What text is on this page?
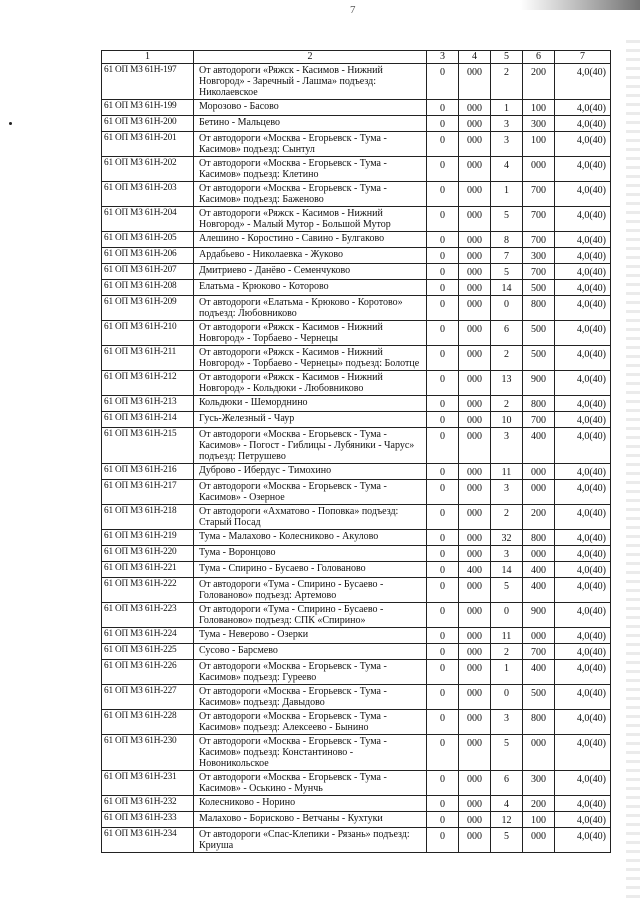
7
1	2	3	4	5	6	7
61 ОП МЗ 61Н-197	От автодороги «Ряжск - Касимов - Нижний Новгород» - Заречный - Лашма» подъезд: Николаевское	0	000	2	200	4,0(40)
61 ОП МЗ 61Н-199	Морозово - Басово	0	000	1	100	4,0(40)
61 ОП МЗ 61Н-200	Бетино - Мальцево	0	000	3	300	4,0(40)
61 ОП МЗ 61Н-201	От автодороги «Москва - Егорьевск - Тума - Касимов» подъезд: Сынтул	0	000	3	100	4,0(40)
61 ОП МЗ 61Н-202	От автодороги «Москва - Егорьевск - Тума - Касимов» подъезд: Клетино	0	000	4	000	4,0(40)
61 ОП МЗ 61Н-203	От автодороги «Москва - Егорьевск - Тума - Касимов» подъезд: Баженово	0	000	1	700	4,0(40)
61 ОП МЗ 61Н-204	От автодороги «Ряжск - Касимов - Нижний Новгород» - Малый Мутор - Большой Мутор	0	000	5	700	4,0(40)
61 ОП МЗ 61Н-205	Алешино - Коростино - Савино - Булгаково	0	000	8	700	4,0(40)
61 ОП МЗ 61Н-206	Ардабьево - Николаевка - Жуково	0	000	7	300	4,0(40)
61 ОП МЗ 61Н-207	Дмитриево - Данёво - Семенчуково	0	000	5	700	4,0(40)
61 ОП МЗ 61Н-208	Елатьма - Крюково - Которово	0	000	14	500	4,0(40)
61 ОП МЗ 61Н-209	От автодороги «Елатьма - Крюково - Коротово» подъезд: Любовниково	0	000	0	800	4,0(40)
61 ОП МЗ 61Н-210	От автодороги «Ряжск - Касимов - Нижний Новгород» - Торбаево - Чернецы	0	000	6	500	4,0(40)
61 ОП МЗ 61Н-211	От автодороги «Ряжск - Касимов - Нижний Новгород» - Торбаево - Чернецы» подъезд: Болотце	0	000	2	500	4,0(40)
61 ОП МЗ 61Н-212	От автодороги «Ряжск - Касимов - Нижний Новгород» - Кольдюки - Любовниково	0	000	13	900	4,0(40)
61 ОП МЗ 61Н-213	Кольдюки - Шеморднино	0	000	2	800	4,0(40)
61 ОП МЗ 61Н-214	Гусь-Железный - Чаур	0	000	10	700	4,0(40)
61 ОП МЗ 61Н-215	От автодороги «Москва - Егорьевск - Тума - Касимов» - Погост - Гиблицы - Лубяники - Чарус» подъезд: Петрушево	0	000	3	400	4,0(40)
61 ОП МЗ 61Н-216	Дуброво - Ибердус - Тимохино	0	000	11	000	4,0(40)
61 ОП МЗ 61Н-217	От автодороги «Москва - Егорьевск - Тума - Касимов» - Озерное	0	000	3	000	4,0(40)
61 ОП МЗ 61Н-218	От автодороги «Ахматово - Поповка» подъезд: Старый Посад	0	000	2	200	4,0(40)
61 ОП МЗ 61Н-219	Тума - Малахово - Колесниково - Акулово	0	000	32	800	4,0(40)
61 ОП МЗ 61Н-220	Тума - Воронцово	0	000	3	000	4,0(40)
61 ОП МЗ 61Н-221	Тума - Спирино - Бусаево - Голованово	0	400	14	400	4,0(40)
61 ОП МЗ 61Н-222	От автодороги «Тума - Спирино - Бусаево - Голованово» подъезд: Артемово	0	000	5	400	4,0(40)
61 ОП МЗ 61Н-223	От автодороги «Тума - Спирино - Бусаево - Голованово» подъезд: СПК «Спирино»	0	000	0	900	4,0(40)
61 ОП МЗ 61Н-224	Тума - Неверово - Озерки	0	000	11	000	4,0(40)
61 ОП МЗ 61Н-225	Сусово - Барсмево	0	000	2	700	4,0(40)
61 ОП МЗ 61Н-226	От автодороги «Москва - Егорьевск - Тума - Касимов» подъезд: Гуреево	0	000	1	400	4,0(40)
61 ОП МЗ 61Н-227	От автодороги «Москва - Егорьевск - Тума - Касимов» подъезд: Давыдово	0	000	0	500	4,0(40)
61 ОП МЗ 61Н-228	От автодороги «Москва - Егорьевск - Тума - Касимов» подъезд: Алексеево - Бынино	0	000	3	800	4,0(40)
61 ОП МЗ 61Н-230	От автодороги «Москва - Егорьевск - Тума - Касимов» подъезд: Константиново - Новоникольское	0	000	5	000	4,0(40)
61 ОП МЗ 61Н-231	От автодороги «Москва - Егорьевск - Тума - Касимов» - Оськино - Мунчь	0	000	6	300	4,0(40)
61 ОП МЗ 61Н-232	Колесниково - Норино	0	000	4	200	4,0(40)
61 ОП МЗ 61Н-233	Малахово - Борисково - Ветчаны - Кухтуки	0	000	12	100	4,0(40)
61 ОП МЗ 61Н-234	От автодороги «Спас-Клепики - Рязань» подъезд: Криуша	0	000	5	000	4,0(40)
